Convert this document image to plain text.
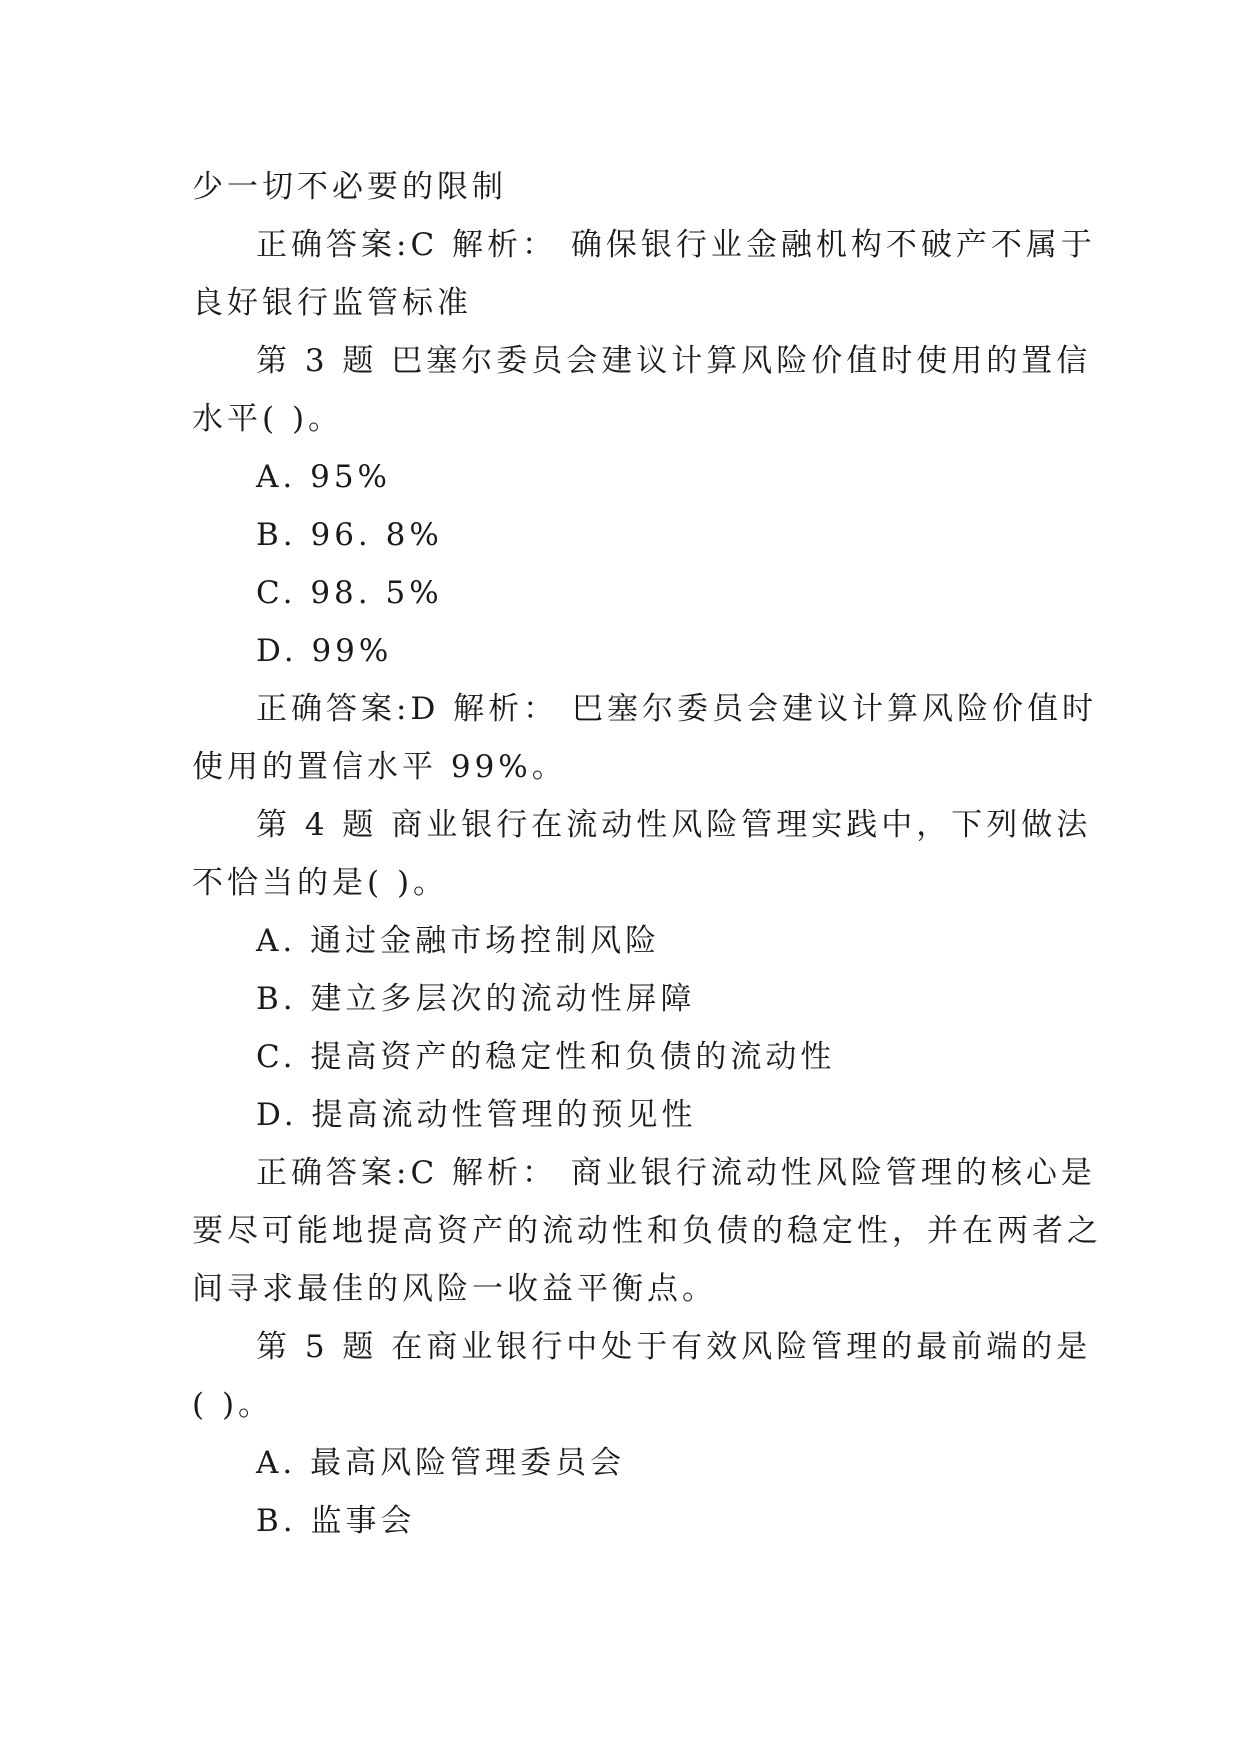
少一切不必要的限制
正确答案:C 解析： 确保银行业金融机构不破产不属于
良好银行监管标准
第 3 题 巴塞尔委员会建议计算风险价值时使用的置信
水平( )。
A. 95%
B. 96. 8%
C. 98. 5%
D. 99%
正确答案:D 解析： 巴塞尔委员会建议计算风险价值时
使用的置信水平 99%。
第 4 题 商业银行在流动性风险管理实践中，下列做法
不恰当的是( )。
A. 通过金融市场控制风险
B. 建立多层次的流动性屏障
C. 提高资产的稳定性和负债的流动性
D. 提高流动性管理的预见性
正确答案:C 解析： 商业银行流动性风险管理的核心是
要尽可能地提高资产的流动性和负债的稳定性，并在两者之
间寻求最佳的风险一收益平衡点。
第 5 题 在商业银行中处于有效风险管理的最前端的是
( )。
A. 最高风险管理委员会
B. 监事会
